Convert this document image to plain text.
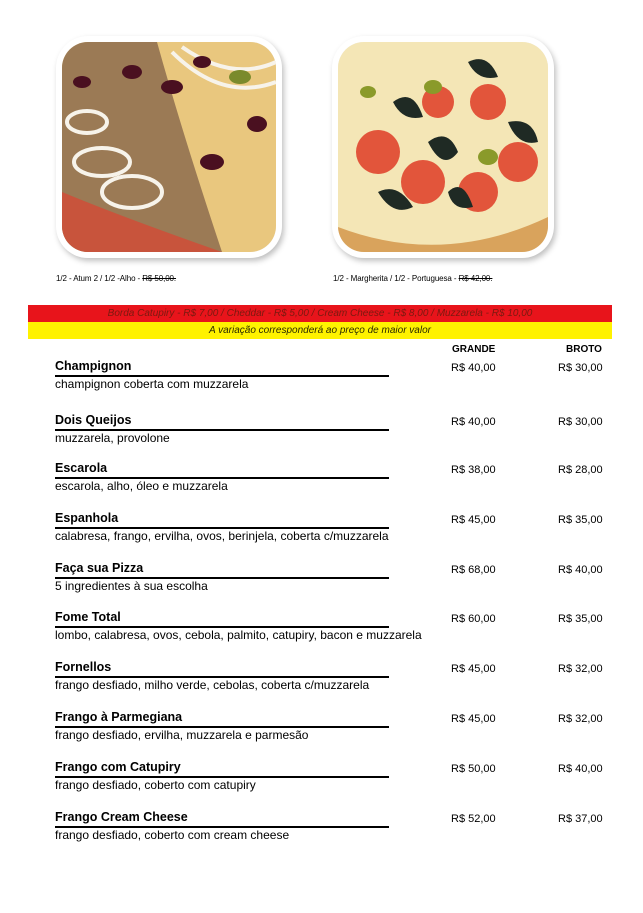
1/2 - Atum 2 / 1/2 -Alho - R$ 50,00.	1/2 - Margherita / 1/2 - Portuguesa - R$ 42,00.
Borda Catupiry - R$ 7,00 / Cheddar - R$ 5,00 / Cream Cheese - R$ 8,00 / Muzzarela - R$ 10,00
A variação corresponderá ao preço de maior valor
GRANDE	BROTO
Champignon
champignon coberta com muzzarela
R$ 40,00	R$ 30,00
Dois Queijos
muzzarela, provolone
R$ 40,00	R$ 30,00
Escarola
escarola, alho, óleo e muzzarela
R$ 38,00	R$ 28,00
Espanhola
calabresa, frango, ervilha, ovos, berinjela, coberta c/muzzarela
R$ 45,00	R$ 35,00
Faça sua Pizza
5 ingredientes à sua escolha
R$ 68,00	R$ 40,00
Fome Total
lombo, calabresa, ovos, cebola, palmito, catupiry, bacon e muzzarela
R$ 60,00	R$ 35,00
Fornellos
frango desfiado, milho verde, cebolas, coberta c/muzzarela
R$ 45,00	R$ 32,00
Frango à Parmegiana
frango desfiado, ervilha, muzzarela e parmesão
R$ 45,00	R$ 32,00
Frango com Catupiry
frango desfiado, coberto com catupiry
R$ 50,00	R$ 40,00
Frango Cream Cheese
frango desfiado, coberto com cream cheese
R$ 52,00	R$ 37,00
